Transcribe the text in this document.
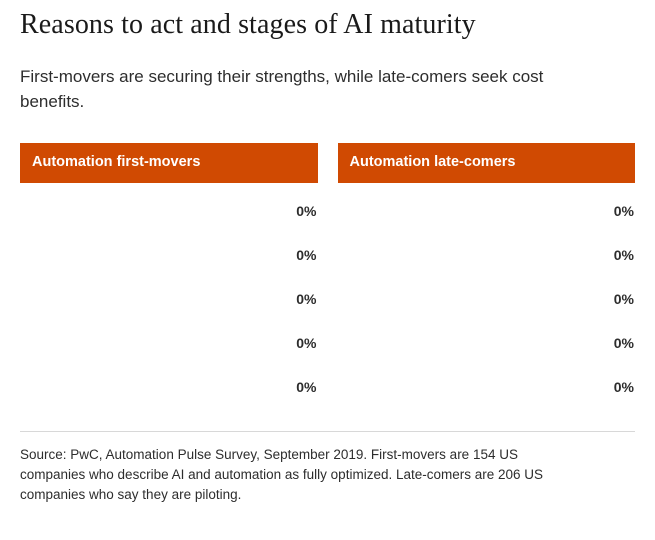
Reasons to act and stages of AI maturity

First-movers are securing their strengths, while late-comers seek cost benefits.

Automation first-movers
0%
0%
0%
0%
0%
Automation late-comers
0%
0%
0%
0%
0%

Source: PwC, Automation Pulse Survey, September 2019. First-movers are 154 US companies who describe AI and automation as fully optimized. Late-comers are 206 US companies who say they are piloting.
